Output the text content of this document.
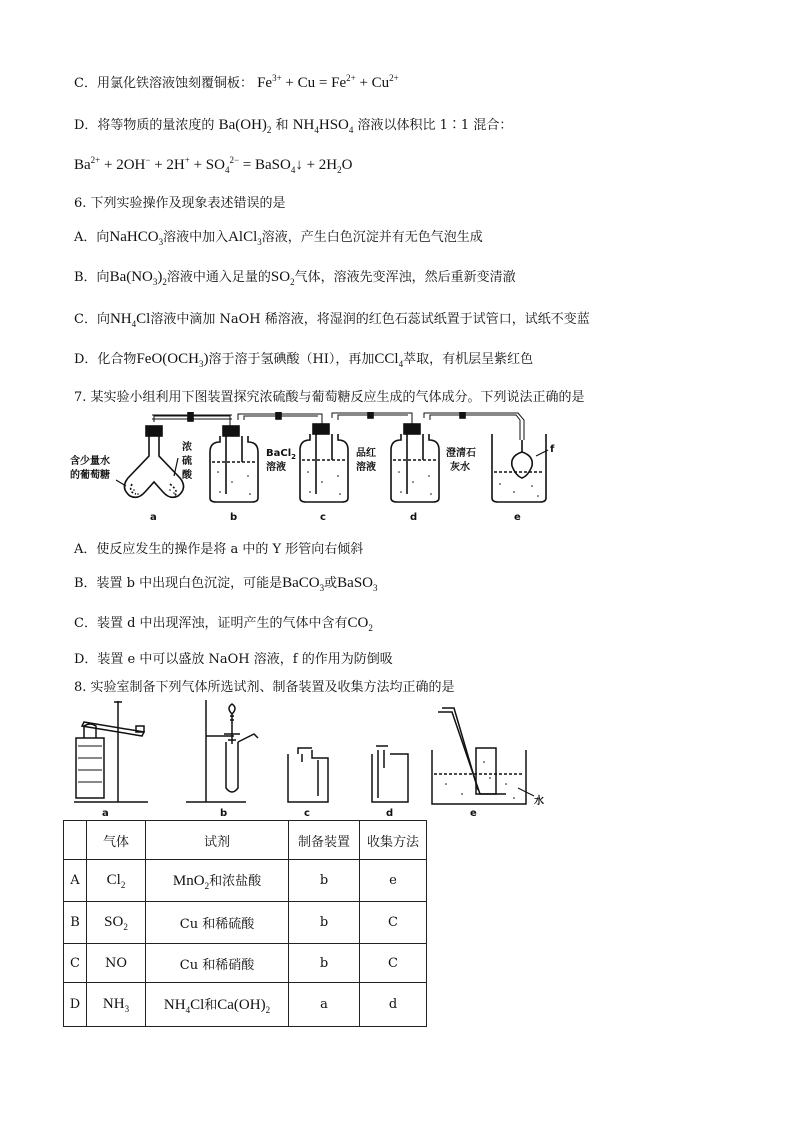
C．用氯化铁溶液蚀刻覆铜板： $Fe^{3+} + Cu = Fe^{2+} + Cu^{2+}$
D．将等物质的量浓度的 $Ba(OH)_2$ 和 $NH_4HSO_4$ 溶液以体积比 1∶1 混合：
$Ba^{2+} + 2OH^- + 2H^+ + SO_4^{2-}$ = BaSO$_4$↓ + $2H_2O$
6. 下列实验操作及现象表述错误的是
A．向NaHCO$_3$溶液中加入AlCl$_3$溶液，产生白色沉淀并有无色气泡生成
B．向$Ba(NO_3)_2$溶液中通入足量的$SO_2$气体，溶液先变浑浊，然后重新变清澈
C．向$NH_4Cl$溶液中滴加 NaOH 稀溶液，将湿润的红色石蕊试纸置于试管口，试纸不变蓝
D．化合物$FeO(OCH_3)$溶于溶于氢碘酸（HI），再加CCl$_4$萃取，有机层呈紫红色
7. 某实验小组利用下图装置探究浓硫酸与葡萄糖反应生成的气体成分。下列说法正确的是
含少量水
的葡萄糖
浓
硫
酸
BaCl$_2$
溶液
品红
溶液
澄清石
灰水
f
a	b	c	d	e
A．使反应发生的操作是将 a 中的 Y 形管向右倾斜
B．装置 b 中出现白色沉淀，可能是BaCO$_3$或BaSO$_3$
C．装置 d 中出现浑浊，证明产生的气体中含有$CO_2$
D．装置 e 中可以盛放 NaOH 溶液，f 的作用为防倒吸
8. 实验室制备下列气体所选试剂、制备装置及收集方法均正确的是
a	b	c	d	e
水
	气体	试剂	制备装置	收集方法
A	$Cl_2$	MnO$_2$和浓盐酸	b	e
B	$SO_2$	Cu 和稀硫酸	b	C
C	NO	Cu 和稀硝酸	b	C
D	$NH_3$	$NH_4Cl$和$Ca(OH)_2$	a	d
